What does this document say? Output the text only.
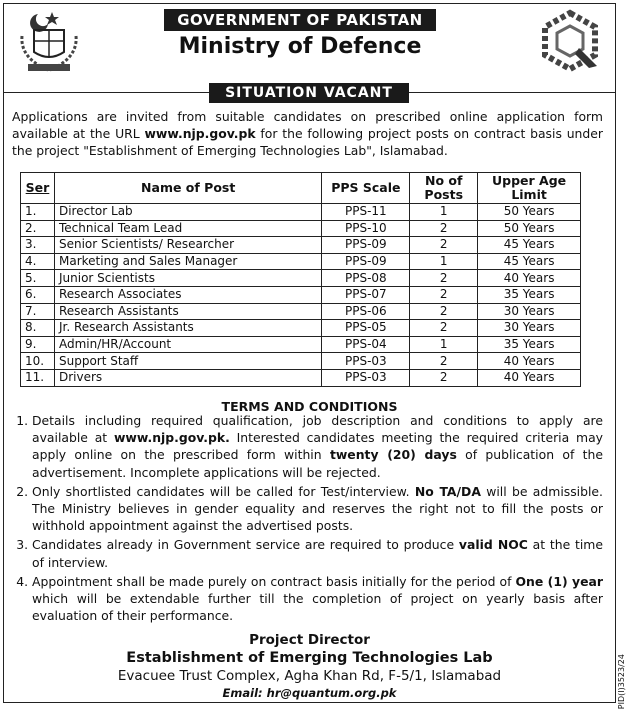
GOVERNMENT OF PAKISTAN
Ministry of Defence
SITUATION VACANT
Applications are invited from suitable candidates on prescribed online application form available at the URL www.njp.gov.pk for the following project posts on contract basis under the project "Establishment of Emerging Technologies Lab", Islamabad.
Ser	Name of Post	PPS Scale	No of Posts	Upper Age Limit
1.	Director Lab	PPS-11	1	50 Years
2.	Technical Team Lead	PPS-10	2	50 Years
3.	Senior Scientists/ Researcher	PPS-09	2	45 Years
4.	Marketing and Sales Manager	PPS-09	1	45 Years
5.	Junior Scientists	PPS-08	2	40 Years
6.	Research Associates	PPS-07	2	35 Years
7.	Research Assistants	PPS-06	2	30 Years
8.	Jr. Research Assistants	PPS-05	2	30 Years
9.	Admin/HR/Account	PPS-04	1	35 Years
10.	Support Staff	PPS-03	2	40 Years
11.	Drivers	PPS-03	2	40 Years
TERMS AND CONDITIONS
1. Details including required qualification, job description and conditions to apply are available at www.njp.gov.pk. Interested candidates meeting the required criteria may apply online on the prescribed form within twenty (20) days of publication of the advertisement. Incomplete applications will be rejected.
2. Only shortlisted candidates will be called for Test/interview. No TA/DA will be admissible. The Ministry believes in gender equality and reserves the right not to fill the posts or withhold appointment against the advertised posts.
3. Candidates already in Government service are required to produce valid NOC at the time of interview.
4. Appointment shall be made purely on contract basis initially for the period of One (1) year which will be extendable further till the completion of project on yearly basis after evaluation of their performance.
Project Director
Establishment of Emerging Technologies Lab
Evacuee Trust Complex, Agha Khan Rd, F-5/1, Islamabad
Email: hr@quantum.org.pk	PID(I)3523/24
